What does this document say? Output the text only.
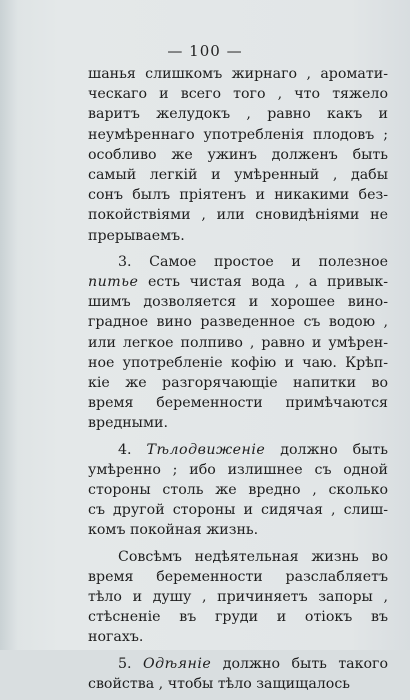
— 100 —
шанья слишкомъ жирнаго , аромати-
ческаго и всего того , что тяжело
варитъ желудокъ , равно какъ и
неумѣреннаго употребленія плодовъ ;
особливо же ужинъ долженъ быть
самый легкій и умѣренный , дабы
сонъ былъ пріятенъ и никакими без-
покойствіями , или сновидѣніями не
прерываемъ.
3. Самое простое и полезное
питье есть чистая вода , а привык-
шимъ дозволяется и хорошее вино-
градное вино разведенное съ водою ,
или легкое полпиво , равно и умѣрен-
ное употребленіе кофію и чаю. Крѣп-
кіе же разгорячающіе напитки во
время беременности примѣчаются
вредными.
4. Тѣлодвиженіе должно быть
умѣренно ; ибо излишнее съ одной
стороны столь же вредно , сколько
съ другой стороны и сидячая , слиш-
комъ покойная жизнь.
Совсѣмъ недѣятельная жизнь во
время беременности разслабляетъ
тѣло и душу , причиняетъ запоры ,
стѣсненіе въ груди и отіокъ въ
ногахъ.
5. Одѣяніе должно быть такого
свойства , чтобы тѣло защищалось
